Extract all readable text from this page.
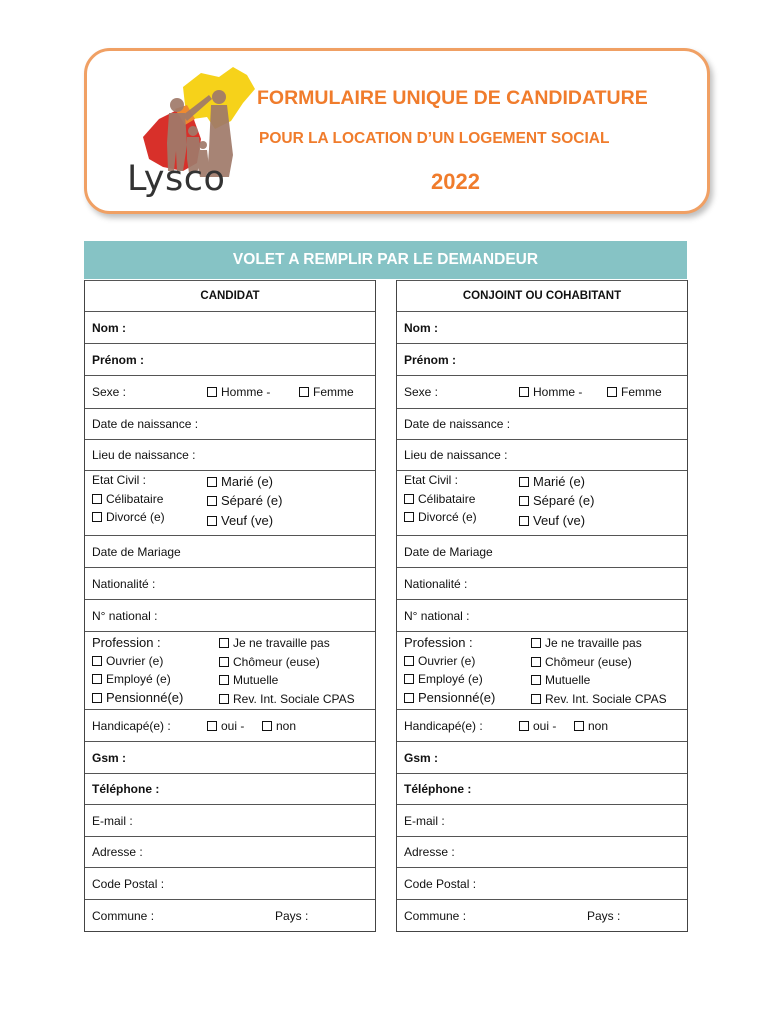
Lysco
FORMULAIRE UNIQUE DE CANDIDATURE
POUR LA LOCATION D’UN LOGEMENT SOCIAL
2022
VOLET A REMPLIR PAR LE DEMANDEUR
CANDIDAT
Nom :
Prénom :
Sexe :	Homme -	Femme
Date de naissance :
Lieu de naissance :
Etat Civil :
Célibataire
Divorcé (e)
Marié (e)
Séparé (e)
Veuf (ve)
Date de Mariage
Nationalité :
N° national :
Profession :
Ouvrier (e)
Employé (e)
Pensionné(e)
Je ne travaille pas
Chômeur (euse)
Mutuelle
Rev. Int. Sociale CPAS
Handicapé(e) :	oui -	non
Gsm :
Téléphone :
E-mail :
Adresse :
Code Postal :
Commune :	Pays :
CONJOINT OU COHABITANT
Nom :
Prénom :
Sexe :	Homme -	Femme
Date de naissance :
Lieu de naissance :
Etat Civil :
Célibataire
Divorcé (e)
Marié (e)
Séparé (e)
Veuf (ve)
Date de Mariage
Nationalité :
N° national :
Profession :
Ouvrier (e)
Employé (e)
Pensionné(e)
Je ne travaille pas
Chômeur (euse)
Mutuelle
Rev. Int. Sociale CPAS
Handicapé(e) :	oui -	non
Gsm :
Téléphone :
E-mail :
Adresse :
Code Postal :
Commune :	Pays :
